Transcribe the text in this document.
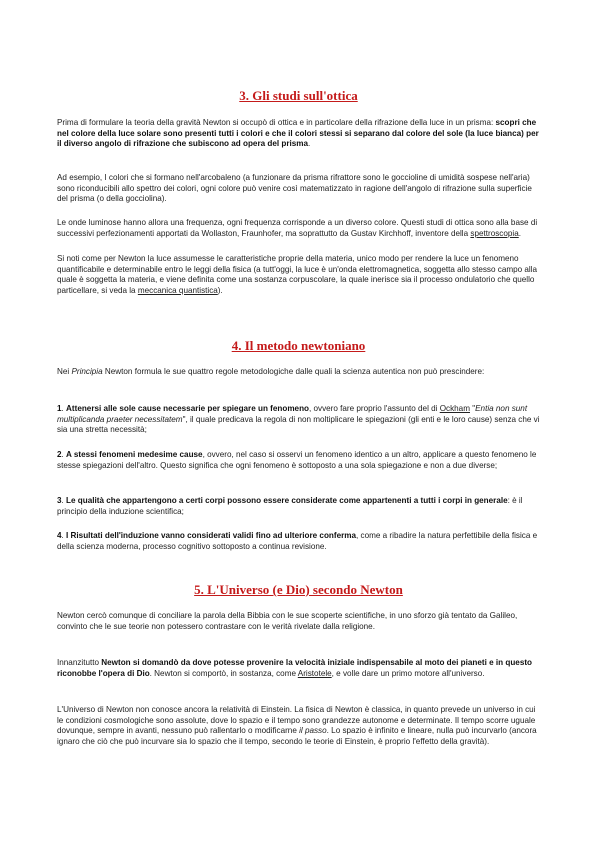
3. Gli studi sull'ottica

Prima di formulare la teoria della gravità Newton si occupò di ottica e in particolare della rifrazione della luce in un prisma: scopri che nel colore della luce solare sono presenti tutti i colori e che il colori stessi si separano dal colore del sole (la luce bianca) per il diverso angolo di rifrazione che subiscono ad opera del prisma.

Ad esempio, I colori che si formano nell'arcobaleno (a funzionare da prisma rifrattore sono le goccioline di umidità sospese nell'aria) sono riconducibili allo spettro dei colori, ogni colore può venire così matematizzato in ragione dell'angolo di rifrazione sulla superficie del prisma (o della gocciolina).

Le onde luminose hanno allora una frequenza, ogni frequenza corrisponde a un diverso colore. Questi studi di ottica sono alla base di successivi perfezionamenti apportati da Wollaston, Fraunhofer, ma soprattutto da Gustav Kirchhoff, inventore della spettroscopia.

Si noti come per Newton la luce assumesse le caratteristiche proprie della materia, unico modo per rendere la luce un fenomeno quantificabile e determinabile entro le leggi della fisica (a tutt'oggi, la luce è un'onda elettromagnetica, soggetta allo stesso campo alla quale è soggetta la materia, e viene definita come una sostanza corpuscolare, la quale inerisce sia il processo ondulatorio che quello particellare, si veda la meccanica quantistica).

4. Il metodo newtoniano

Nei Principia Newton formula le sue quattro regole metodologiche dalle quali la scienza autentica non può prescindere:

1. Attenersi alle sole cause necessarie per spiegare un fenomeno, ovvero fare proprio l'assunto del di Ockham "Entia non sunt multiplicanda praeter necessitatem", il quale predicava la regola di non moltiplicare le spiegazioni (gli enti e le loro cause) senza che vi sia una stretta necessità;

2. A stessi fenomeni medesime cause, ovvero, nel caso si osservi un fenomeno identico a un altro, applicare a questo fenomeno le stesse spiegazioni dell'altro. Questo significa che ogni fenomeno è sottoposto a una sola spiegazione e non a due diverse;

3. Le qualità che appartengono a certi corpi possono essere considerate come appartenenti a tutti i corpi in generale: è il principio della induzione scientifica;

4. I Risultati dell'induzione vanno considerati validi fino ad ulteriore conferma, come a ribadire la natura perfettibile della fisica e della scienza moderna, processo cognitivo sottoposto a continua revisione.

5. L'Universo (e Dio) secondo Newton

Newton cercò comunque di conciliare la parola della Bibbia con le sue scoperte scientifiche, in uno sforzo già tentato da Galileo, convinto che le sue teorie non potessero contrastare con le verità rivelate dalla religione.

Innanzitutto Newton si domandò da dove potesse provenire la velocità iniziale indispensabile al moto dei pianeti e in questo riconobbe l'opera di Dio. Newton si comportò, in sostanza, come Aristotele, e volle dare un primo motore all'universo.

L'Universo di Newton non conosce ancora la relatività di Einstein. La fisica di Newton è classica, in quanto prevede un universo in cui le condizioni cosmologiche sono assolute, dove lo spazio e il tempo sono grandezze autonome e determinate. Il tempo scorre uguale dovunque, sempre in avanti, nessuno può rallentarlo o modificarne il passo. Lo spazio è infinito e lineare, nulla può incurvarlo (ancora ignaro che ciò che può incurvare sia lo spazio che il tempo, secondo le teorie di Einstein, è proprio l'effetto della gravità).
